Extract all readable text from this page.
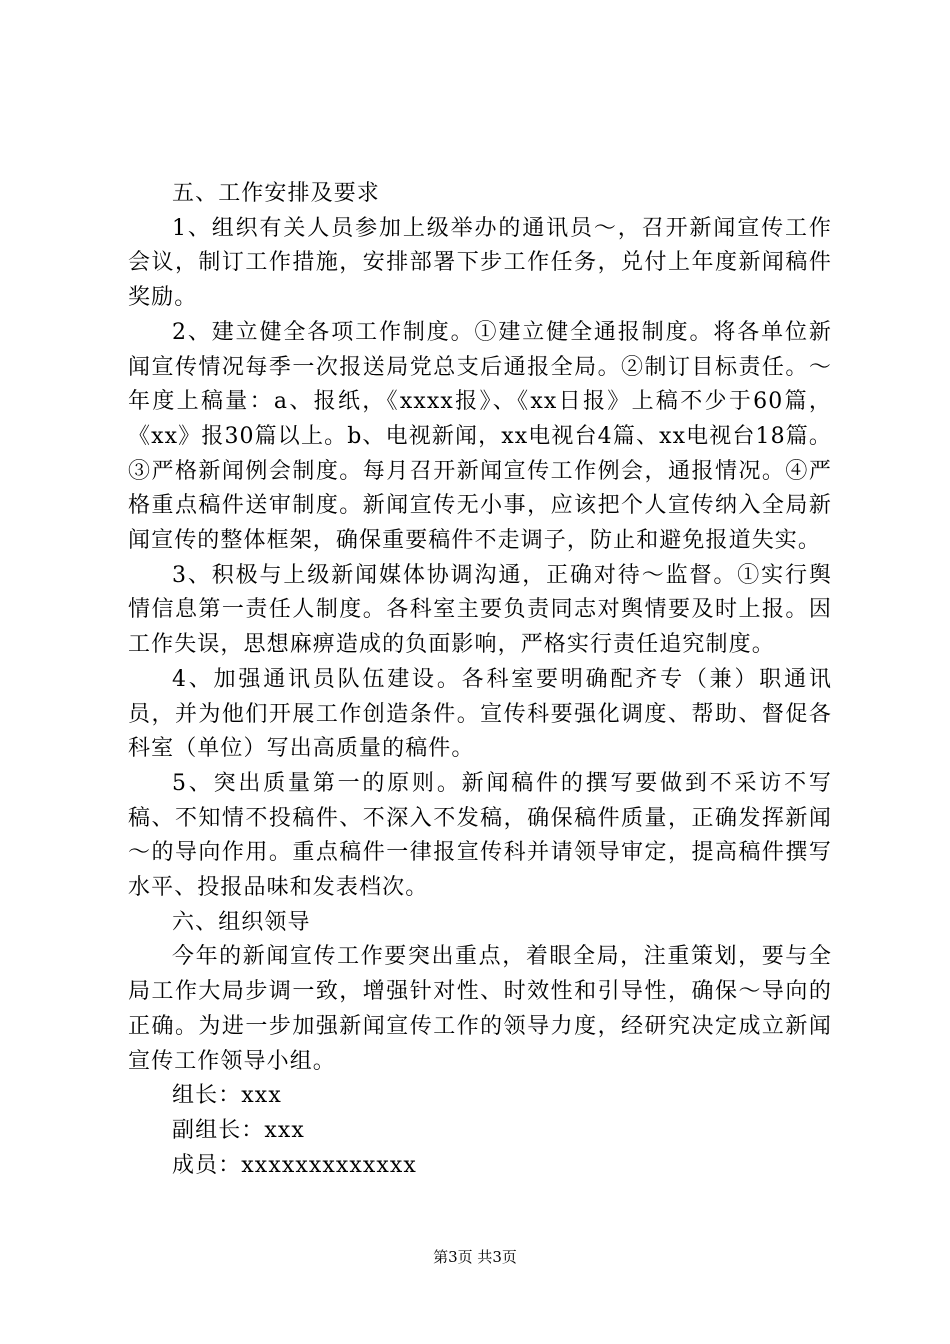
五、工作安排及要求

1、组织有关人员参加上级举办的通讯员～，召开新闻宣传工作会议，制订工作措施，安排部署下步工作任务，兑付上年度新闻稿件奖励。

2、建立健全各项工作制度。①建立健全通报制度。将各单位新闻宣传情况每季一次报送局党总支后通报全局。②制订目标责任。～年度上稿量：a、报纸，《xxxx报》、《xx日报》上稿不少于60篇，《xx》报30篇以上。b、电视新闻，xx电视台4篇、xx电视台18篇。③严格新闻例会制度。每月召开新闻宣传工作例会，通报情况。④严格重点稿件送审制度。新闻宣传无小事，应该把个人宣传纳入全局新闻宣传的整体框架，确保重要稿件不走调子，防止和避免报道失实。

3、积极与上级新闻媒体协调沟通，正确对待～监督。①实行舆情信息第一责任人制度。各科室主要负责同志对舆情要及时上报。因工作失误，思想麻痹造成的负面影响，严格实行责任追究制度。

4、加强通讯员队伍建设。各科室要明确配齐专（兼）职通讯员，并为他们开展工作创造条件。宣传科要强化调度、帮助、督促各科室（单位）写出高质量的稿件。

5、突出质量第一的原则。新闻稿件的撰写要做到不采访不写稿、不知情不投稿件、不深入不发稿，确保稿件质量，正确发挥新闻～的导向作用。重点稿件一律报宣传科并请领导审定，提高稿件撰写水平、投报品味和发表档次。

六、组织领导

今年的新闻宣传工作要突出重点，着眼全局，注重策划，要与全局工作大局步调一致，增强针对性、时效性和引导性，确保～导向的正确。为进一步加强新闻宣传工作的领导力度，经研究决定成立新闻宣传工作领导小组。

组长：xxx

副组长：xxx

成员：xxxxxxxxxxxxx

第3页 共3页
